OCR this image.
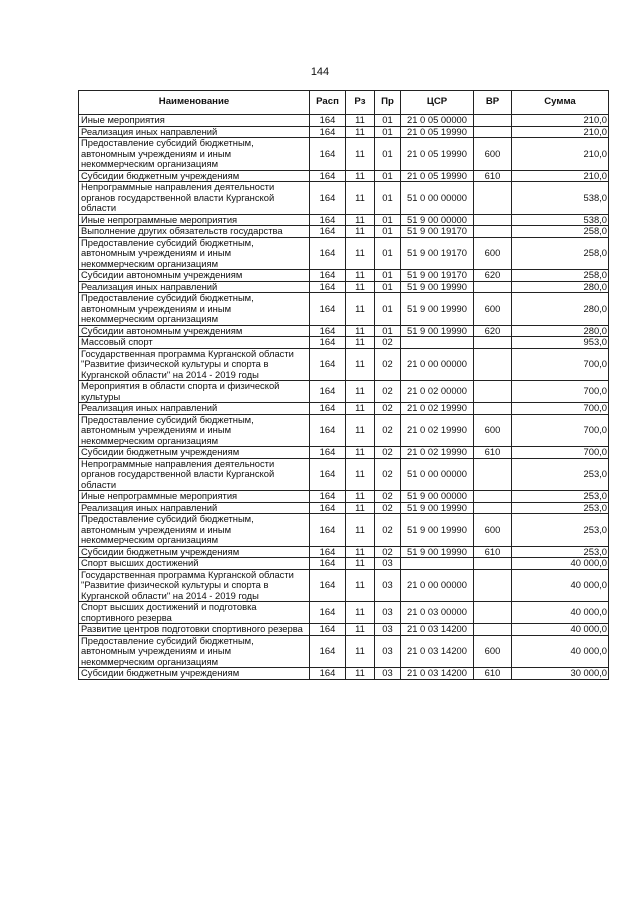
144
Наименование	Расп	Рз	Пр	ЦСР	ВР	Сумма
Иные мероприятия	164	11	01	21 0 05 00000		210,0
Реализация иных направлений	164	11	01	21 0 05 19990		210,0
Предоставление субсидий бюджетным, автономным учреждениям и иным некоммерческим организациям	164	11	01	21 0 05 19990	600	210,0
Субсидии бюджетным учреждениям	164	11	01	21 0 05 19990	610	210,0
Непрограммные направления деятельности органов государственной власти Курганской области	164	11	01	51 0 00 00000		538,0
Иные непрограммные мероприятия	164	11	01	51 9 00 00000		538,0
Выполнение других обязательств государства	164	11	01	51 9 00 19170		258,0
Предоставление субсидий бюджетным, автономным учреждениям и иным некоммерческим организациям	164	11	01	51 9 00 19170	600	258,0
Субсидии автономным учреждениям	164	11	01	51 9 00 19170	620	258,0
Реализация иных направлений	164	11	01	51 9 00 19990		280,0
Предоставление субсидий бюджетным, автономным учреждениям и иным некоммерческим организациям	164	11	01	51 9 00 19990	600	280,0
Субсидии автономным учреждениям	164	11	01	51 9 00 19990	620	280,0
Массовый спорт	164	11	02			953,0
Государственная программа Курганской области "Развитие физической культуры и спорта в Курганской области" на 2014 - 2019 годы	164	11	02	21 0 00 00000		700,0
Мероприятия в области спорта и физической культуры	164	11	02	21 0 02 00000		700,0
Реализация иных направлений	164	11	02	21 0 02 19990		700,0
Предоставление субсидий бюджетным, автономным учреждениям и иным некоммерческим организациям	164	11	02	21 0 02 19990	600	700,0
Субсидии бюджетным учреждениям	164	11	02	21 0 02 19990	610	700,0
Непрограммные направления деятельности органов государственной власти Курганской области	164	11	02	51 0 00 00000		253,0
Иные непрограммные мероприятия	164	11	02	51 9 00 00000		253,0
Реализация иных направлений	164	11	02	51 9 00 19990		253,0
Предоставление субсидий бюджетным, автономным учреждениям и иным некоммерческим организациям	164	11	02	51 9 00 19990	600	253,0
Субсидии бюджетным учреждениям	164	11	02	51 9 00 19990	610	253,0
Спорт высших достижений	164	11	03			40 000,0
Государственная программа Курганской области "Развитие физической культуры и спорта в Курганской области" на 2014 - 2019 годы	164	11	03	21 0 00 00000		40 000,0
Спорт высших достижений и подготовка спортивного резерва	164	11	03	21 0 03 00000		40 000,0
Развитие центров подготовки спортивного резерва	164	11	03	21 0 03 14200		40 000,0
Предоставление субсидий бюджетным, автономным учреждениям и иным некоммерческим организациям	164	11	03	21 0 03 14200	600	40 000,0
Субсидии бюджетным учреждениям	164	11	03	21 0 03 14200	610	30 000,0
